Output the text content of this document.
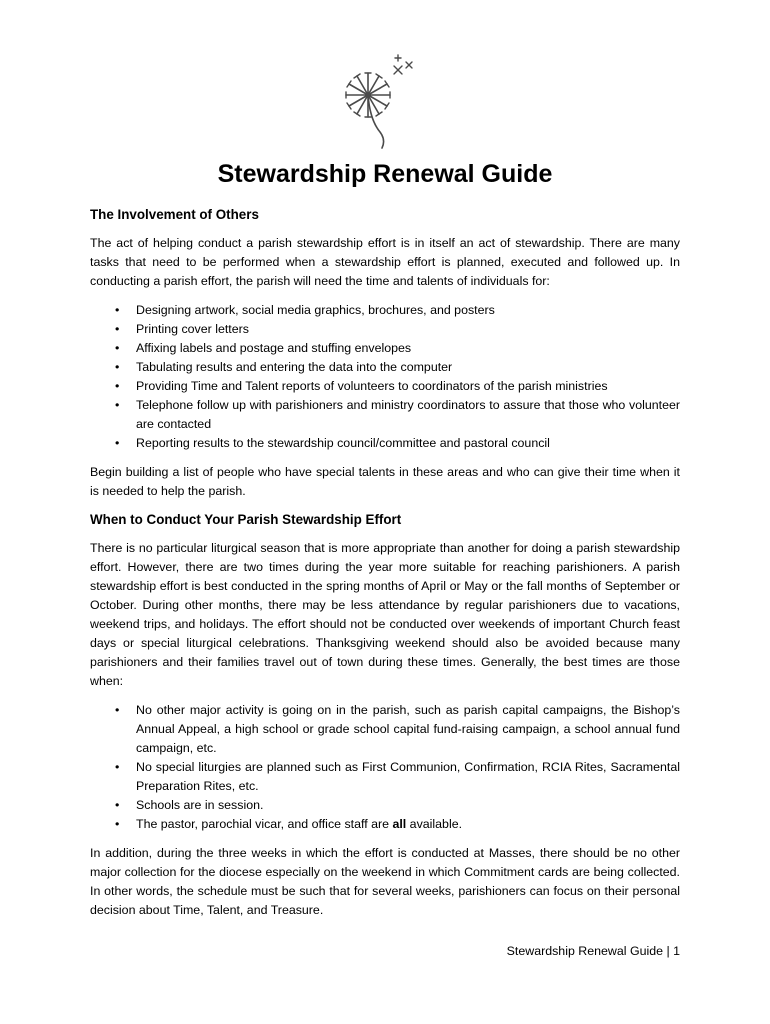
Stewardship Renewal Guide
The Involvement of Others

The act of helping conduct a parish stewardship effort is in itself an act of stewardship. There are many tasks that need to be performed when a stewardship effort is planned, executed and followed up. In conducting a parish effort, the parish will need the time and talents of individuals for:

• Designing artwork, social media graphics, brochures, and posters
• Printing cover letters
• Affixing labels and postage and stuffing envelopes
• Tabulating results and entering the data into the computer
• Providing Time and Talent reports of volunteers to coordinators of the parish ministries
• Telephone follow up with parishioners and ministry coordinators to assure that those who volunteer are contacted
• Reporting results to the stewardship council/committee and pastoral council

Begin building a list of people who have special talents in these areas and who can give their time when it is needed to help the parish.

When to Conduct Your Parish Stewardship Effort

There is no particular liturgical season that is more appropriate than another for doing a parish stewardship effort. However, there are two times during the year more suitable for reaching parishioners. A parish stewardship effort is best conducted in the spring months of April or May or the fall months of September or October. During other months, there may be less attendance by regular parishioners due to vacations, weekend trips, and holidays. The effort should not be conducted over weekends of important Church feast days or special liturgical celebrations. Thanksgiving weekend should also be avoided because many parishioners and their families travel out of town during these times. Generally, the best times are those when:

• No other major activity is going on in the parish, such as parish capital campaigns, the Bishop’s Annual Appeal, a high school or grade school capital fund-raising campaign, a school annual fund campaign, etc.
• No special liturgies are planned such as First Communion, Confirmation, RCIA Rites, Sacramental Preparation Rites, etc.
• Schools are in session.
• The pastor, parochial vicar, and office staff are all available.

In addition, during the three weeks in which the effort is conducted at Masses, there should be no other major collection for the diocese especially on the weekend in which Commitment cards are being collected. In other words, the schedule must be such that for several weeks, parishioners can focus on their personal decision about Time, Talent, and Treasure.

Stewardship Renewal Guide | 1
